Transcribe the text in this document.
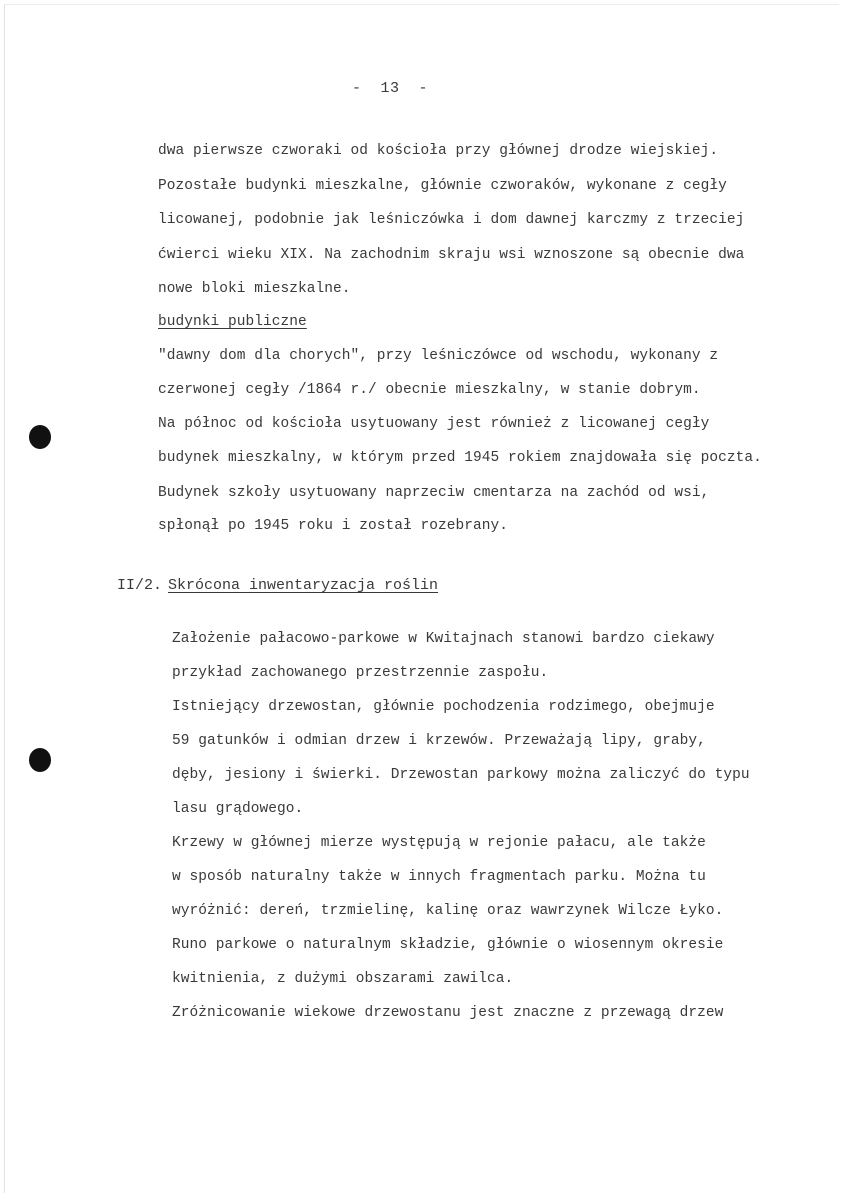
-  13  -
dwa pierwsze czworaki od kościoła przy głównej drodze wiejskiej.
Pozostałe budynki mieszkalne, głównie czworaków, wykonane z cegły
licowanej, podobnie jak leśniczówka i dom dawnej karczmy z trzeciej
ćwierci wieku XIX. Na zachodnim skraju wsi wznoszone są obecnie dwa
nowe bloki mieszkalne.
budynki publiczne
"dawny dom dla chorych", przy leśniczówce od wschodu, wykonany z
czerwonej cegły /1864 r./ obecnie mieszkalny, w stanie dobrym.
Na północ od kościoła usytuowany jest również z licowanej cegły
budynek mieszkalny, w którym przed 1945 rokiem znajdowała się poczta.
Budynek szkoły usytuowany naprzeciw cmentarza na zachód od wsi,
spłonął po 1945 roku i został rozebrany.
II/2. Skrócona inwentaryzacja roślin
Założenie pałacowo-parkowe w Kwitajnach stanowi bardzo ciekawy
przykład zachowanego przestrzennie zaspołu.
Istniejący drzewostan, głównie pochodzenia rodzimego, obejmuje
59 gatunków i odmian drzew i krzewów. Przeważają lipy, graby,
dęby, jesiony i świerki. Drzewostan parkowy można zaliczyć do typu
lasu grądowego.
Krzewy w głównej mierze występują w rejonie pałacu, ale także
w sposób naturalny także w innych fragmentach parku. Można tu
wyróżnić: dereń, trzmielinę, kalinę oraz wawrzynek Wilcze Łyko.
Runo parkowe o naturalnym składzie, głównie o wiosennym okresie
kwitnienia, z dużymi obszarami zawilca.
Zróżnicowanie wiekowe drzewostanu jest znaczne z przewagą drzew
